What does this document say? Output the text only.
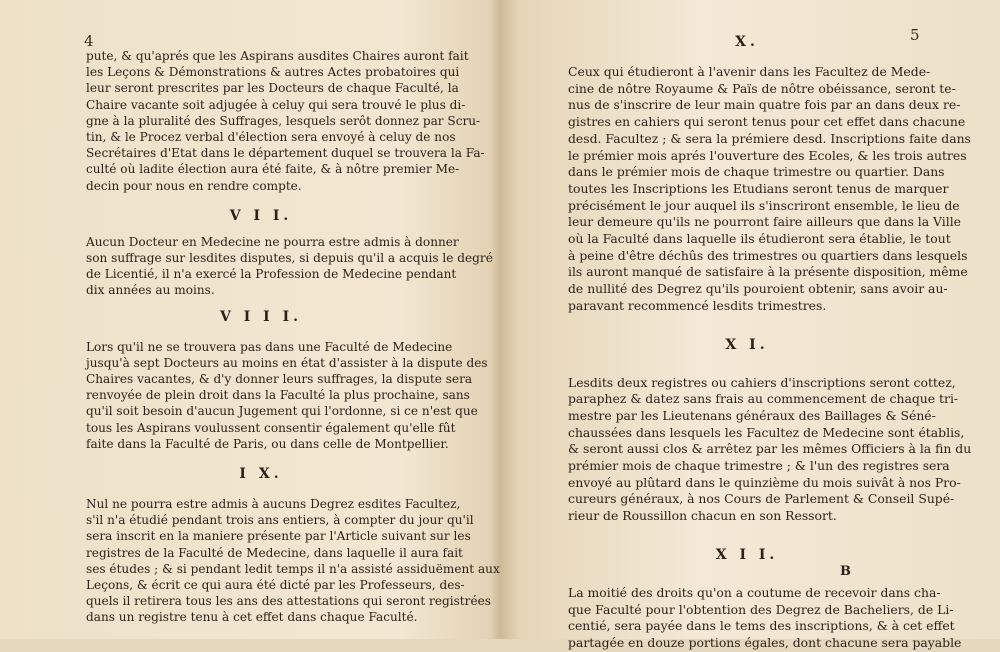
4
pute, & qu'aprés que les Aspirans ausdites Chaires auront fait
les Leçons & Démonstrations & autres Actes probatoires qui
leur seront prescrites par les Docteurs de chaque Faculté, la
Chaire vacante soit adjugée à celuy qui sera trouvé le plus di-
gne à la pluralité des Suffrages, lesquels serôt donnez par Scru-
tin, & le Procez verbal d'élection sera envoyé à celuy de nos
Secrétaires d'Etat dans le département duquel se trouvera la Fa-
culté où ladite élection aura été faite, & à nôtre premier Me-
decin pour nous en rendre compte.
V I I.
Aucun Docteur en Medecine ne pourra estre admis à donner
son suffrage sur lesdites disputes, si depuis qu'il a acquis le degré
de Licentié, il n'a exercé la Profession de Medecine pendant
dix années au moins.
V I I I.
Lors qu'il ne se trouvera pas dans une Faculté de Medecine
jusqu'à sept Docteurs au moins en état d'assister à la dispute des
Chaires vacantes, & d'y donner leurs suffrages, la dispute sera
renvoyée de plein droit dans la Faculté la plus prochaine, sans
qu'il soit besoin d'aucun Jugement qui l'ordonne, si ce n'est que
tous les Aspirans voulussent consentir également qu'elle fût
faite dans la Faculté de Paris, ou dans celle de Montpellier.
I X.
Nul ne pourra estre admis à aucuns Degrez esdites Facultez,
s'il n'a étudié pendant trois ans entiers, à compter du jour qu'il
sera inscrit en la maniere présente par l'Article suivant sur les
registres de la Faculté de Medecine, dans laquelle il aura fait
ses études ; & si pendant ledit temps il n'a assisté assiduëment aux
Leçons, & écrit ce qui aura été dicté par les Professeurs, des-
quels il retirera tous les ans des attestations qui seront registrées
dans un registre tenu à cet effet dans chaque Faculté.
5
X.
Ceux qui étudieront à l'avenir dans les Facultez de Mede-
cine de nôtre Royaume & Païs de nôtre obéissance, seront te-
nus de s'inscrire de leur main quatre fois par an dans deux re-
gistres en cahiers qui seront tenus pour cet effet dans chacune
desd. Facultez ; & sera la prémiere desd. Inscriptions faite dans
le prémier mois aprés l'ouverture des Ecoles, & les trois autres
dans le prémier mois de chaque trimestre ou quartier. Dans
toutes les Inscriptions les Etudians seront tenus de marquer
précisément le jour auquel ils s'inscriront ensemble, le lieu de
leur demeure qu'ils ne pourront faire ailleurs que dans la Ville
où la Faculté dans laquelle ils étudieront sera établie, le tout
à peine d'être déchûs des trimestres ou quartiers dans lesquels
ils auront manqué de satisfaire à la présente disposition, même
de nullité des Degrez qu'ils pouroient obtenir, sans avoir au-
paravant recommencé lesdits trimestres.
X I.
Lesdits deux registres ou cahiers d'inscriptions seront cottez,
paraphez & datez sans frais au commencement de chaque tri-
mestre par les Lieutenans généraux des Baillages & Séné-
chaussées dans lesquels les Facultez de Medecine sont établis,
& seront aussi clos & arrêtez par les mêmes Officiers à la fin du
prémier mois de chaque trimestre ; & l'un des registres sera
envoyé au plûtard dans le quinzième du mois suivât à nos Pro-
cureurs généraux, à nos Cours de Parlement & Conseil Supé-
rieur de Roussillon chacun en son Ressort.
X I I.
La moitié des droits qu'on a coutume de recevoir dans cha-
que Faculté pour l'obtention des Degrez de Bacheliers, de Li-
centié, sera payée dans le tems des inscriptions, & à cet effet
partagée en douze portions égales, dont chacune sera payable
B
